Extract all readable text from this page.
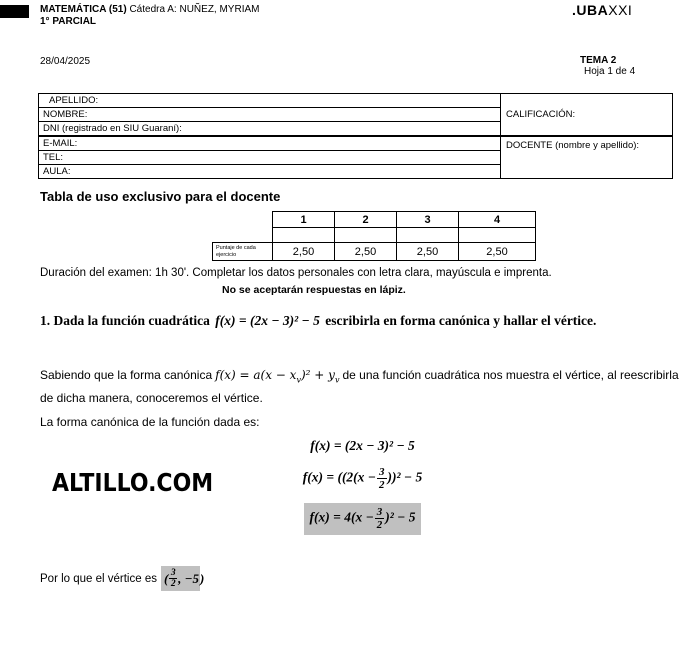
MATEMÁTICA (51) Cátedra A: NUÑEZ, MYRIAM
1° PARCIAL
.UBAXXI
28/04/2025	TEMA 2
Hoja 1 de 4
APELLIDO:	CALIFICACIÓN:
NOMBRE:	
DNI (registrado en SIU Guaraní):	
E-MAIL:	DOCENTE (nombre y apellido):
TEL:	
AULA:	
Tabla de uso exclusivo para el docente
	1	2	3	4

Puntaje de cada ejercicio	2,50	2,50	2,50	2,50
Duración del examen: 1h 30'. Completar los datos personales con letra clara, mayúscula e imprenta.
No se aceptarán respuestas en lápiz.
1. Dada la función cuadrática f(x) = (2x − 3)² − 5 escribirla en forma canónica y hallar el vértice.
Sabiendo que la forma canónica $f(x) = a(x - x_v)^2 + y_v$ de una función cuadrática nos muestra el vértice, al reescribirla
de dicha manera, conoceremos el vértice.
La forma canónica de la función dada es:
f(x) = (2x − 3)² − 5
$f(x) = ((2(x - \frac{3}{2} ))^2 - 5$
$f(x) = 4(x - \frac{3}{2} )^2 - 5$
ALTILLO.COM
Por lo que el vértice es ( $\frac{3}{2}$ , −5 )
